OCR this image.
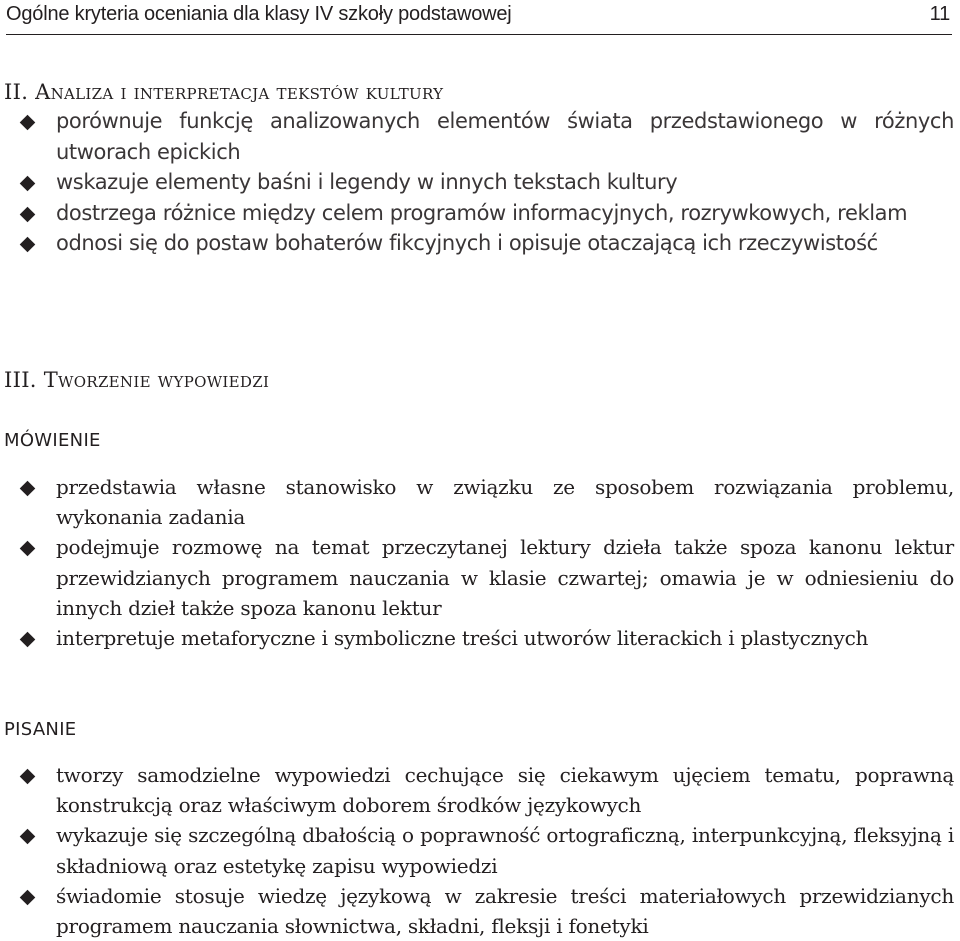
Ogólne kryteria oceniania dla klasy IV szkoły podstawowej	11
II. Analiza i interpretacja tekstów kultury
porównuje funkcję analizowanych elementów świata przedstawionego w różnych utworach epickich
wskazuje elementy baśni i legendy w innych tekstach kultury
dostrzega różnice między celem programów informacyjnych, rozrywkowych, reklam
odnosi się do postaw bohaterów fikcyjnych i opisuje otaczającą ich rzeczywistość
III. Tworzenie wypowiedzi
MÓWIENIE
przedstawia własne stanowisko w związku ze sposobem rozwiązania problemu, wykonania zadania
podejmuje rozmowę na temat przeczytanej lektury dzieła także spoza kanonu lektur przewidzianych programem nauczania w klasie czwartej; omawia je w odniesieniu do innych dzieł także spoza kanonu lektur
interpretuje metaforyczne i symboliczne treści utworów literackich i plastycznych
PISANIE
tworzy samodzielne wypowiedzi cechujące się ciekawym ujęciem tematu, poprawną konstrukcją oraz właściwym doborem środków językowych
wykazuje się szczególną dbałością o poprawność ortograficzną, interpunkcyjną, fleksyjną i składniową oraz estetykę zapisu wypowiedzi
świadomie stosuje wiedzę językową w zakresie treści materiałowych przewidzianych programem nauczania słownictwa, składni, fleksji i fonetyki
